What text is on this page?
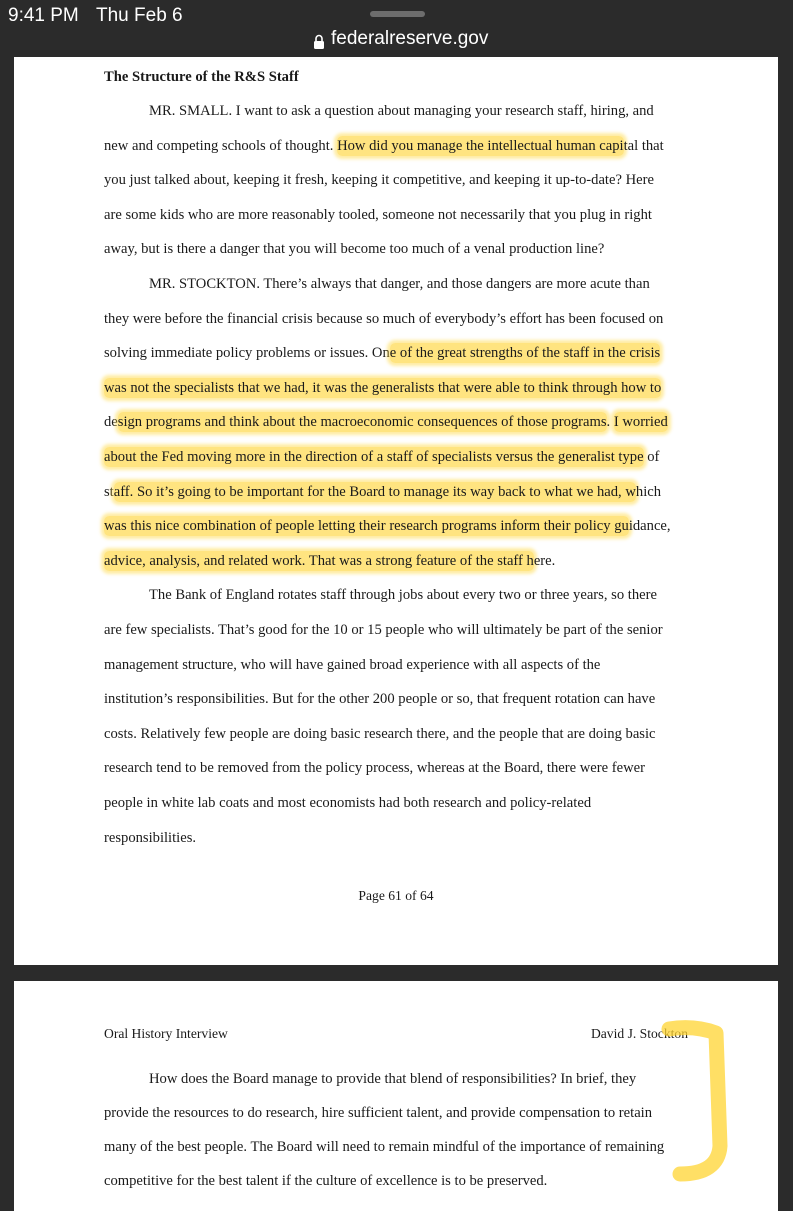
9:41 PM Thu Feb 6
federalreserve.gov
The Structure of the R&S Staff
MR. SMALL. I want to ask a question about managing your research staff, hiring, and
new and competing schools of thought. How did you manage the intellectual human capital that
you just talked about, keeping it fresh, keeping it competitive, and keeping it up-to-date? Here
are some kids who are more reasonably tooled, someone not necessarily that you plug in right
away, but is there a danger that you will become too much of a venal production line?
MR. STOCKTON. There’s always that danger, and those dangers are more acute than
they were before the financial crisis because so much of everybody’s effort has been focused on
solving immediate policy problems or issues. One of the great strengths of the staff in the crisis
was not the specialists that we had, it was the generalists that were able to think through how to
design programs and think about the macroeconomic consequences of those programs. I worried
about the Fed moving more in the direction of a staff of specialists versus the generalist type of
staff. So it’s going to be important for the Board to manage its way back to what we had, which
was this nice combination of people letting their research programs inform their policy guidance,
advice, analysis, and related work. That was a strong feature of the staff here.
The Bank of England rotates staff through jobs about every two or three years, so there
are few specialists. That’s good for the 10 or 15 people who will ultimately be part of the senior
management structure, who will have gained broad experience with all aspects of the
institution’s responsibilities. But for the other 200 people or so, that frequent rotation can have
costs. Relatively few people are doing basic research there, and the people that are doing basic
research tend to be removed from the policy process, whereas at the Board, there were fewer
people in white lab coats and most economists had both research and policy-related
responsibilities.
Page 61 of 64
Oral History Interview	David J. Stockton
How does the Board manage to provide that blend of responsibilities? In brief, they
provide the resources to do research, hire sufficient talent, and provide compensation to retain
many of the best people. The Board will need to remain mindful of the importance of remaining
competitive for the best talent if the culture of excellence is to be preserved.
